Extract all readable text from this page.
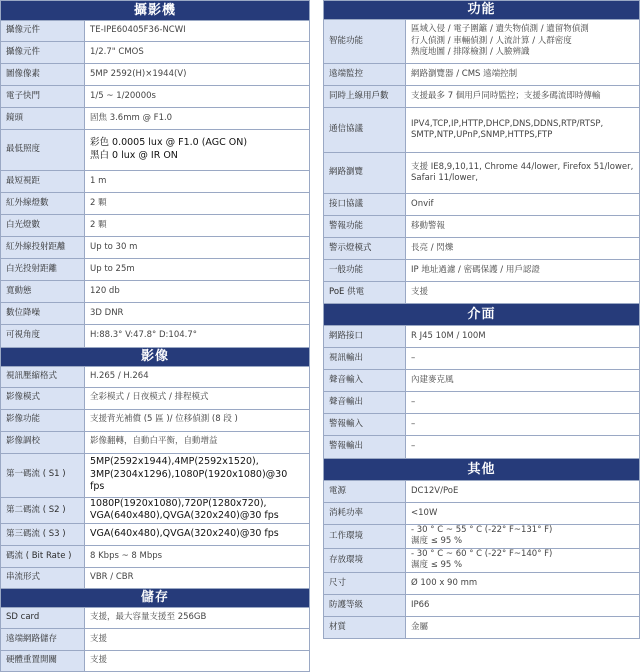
攝影機	
攝像元件	TE-IPE60405F36-NCWI

攝像元件	1/2.7" CMOS

圖像像素	5MP 2592(H)×1944(V)

電子快門	1/5 ~ 1/20000s

鏡頭	固焦 3.6mm @ F1.0

最低照度	彩色 0.0005 lux @ F1.0 (AGC ON)
黑白 0 lux @ IR ON

最短視距	1 m

紅外線燈數	2 顆

白光燈數	2 顆

紅外線投射距離	Up to 30 m

白光投射距離	Up to 25m

寬動態	120 db

數位降噪	3D DNR

可視角度	H:88.3° V:47.8° D:104.7°

影像	
視訊壓縮格式	H.265 / H.264

影像模式	全彩模式 / 日夜模式 / 排程模式

影像功能	支援背光補償 (5 區 )/ 位移偵測 (8 段 )

影像調校	影像翻轉，自動白平衡，自動增益

第一碼流 ( S1 )	5MP(2592x1944),4MP(2592x1520),
3MP(2304x1296),1080P(1920x1080)@30 fps

第二碼流 ( S2 )	1080P(1920x1080),720P(1280x720),
VGA(640x480),QVGA(320x240)@30 fps

第三碼流 ( S3 )	VGA(640x480),QVGA(320x240)@30 fps

碼流 ( Bit Rate )	8 Kbps ~ 8 Mbps

串流形式	VBR / CBR

儲存	
SD card	支援，最大容量支援至 256GB

遠端網路儲存	支援

硬體重置開關	支援
功能	
智能功能	區域入侵 / 電子圍籬 / 遺失物偵測 / 遺留物偵測
行人偵測 / 車輛偵測 / 人流計算 / 人群密度
熱度地圖 / 排隊檢測 / 人臉辨識

遠端監控	網路瀏覽器 / CMS 遠端控制

同時上線用戶數	支援最多 7 個用戶同時監控；支援多碼流即時傳輸

通信協議	IPV4,TCP,IP,HTTP,DHCP,DNS,DDNS,RTP/RTSP,
SMTP,NTP,UPnP,SNMP,HTTPS,FTP

網路瀏覽	支援 IE8,9,10,11, Chrome 44/lower, Firefox 51/lower,
Safari 11/lower,

接口協議	Onvif

警報功能	移動警報

警示燈模式	長亮 / 閃爍

一般功能	IP 地址過濾 / 密碼保護 / 用戶認證

PoE 供電	支援

介面	
網路接口	R J45 10M / 100M

視訊輸出	–

聲音輸入	內建麥克風

聲音輸出	–

警報輸入	–

警報輸出	–

其他	
電源	DC12V/PoE

消耗功率	<10W

工作環境	- 30 ° C ~ 55 ° C (-22° F~131° F)
濕度 ≤ 95 %

存放環境	- 30 ° C ~ 60 ° C (-22° F~140° F)
濕度 ≤ 95 %

尺寸	Ø 100 x 90 mm

防護等級	IP66

材質	金屬
